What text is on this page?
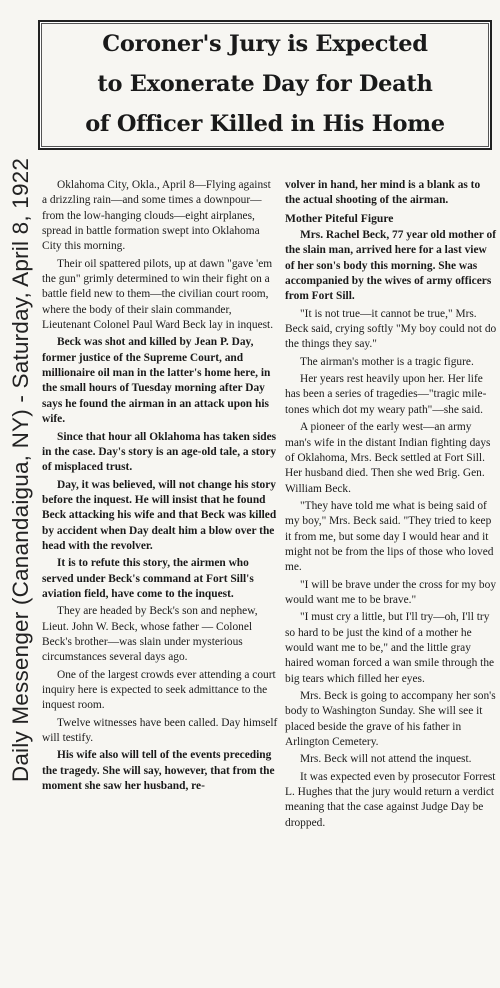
Daily Messenger (Canandaigua, NY) - Saturday, April 8, 1922
Coroner's Jury is Expected
to Exonerate Day for Death
of Officer Killed in His Home

Oklahoma City, Okla., April 8—Flying against a drizzling rain—and some times a downpour—from the low-hanging clouds—eight airplanes, spread in battle formation swept into Oklahoma City this morning.

Their oil spattered pilots, up at dawn "gave 'em the gun" grimly determined to win their fight on a battle field new to them—the civilian court room, where the body of their slain commander, Lieutenant Colonel Paul Ward Beck lay in inquest.

Beck was shot and killed by Jean P. Day, former justice of the Supreme Court, and millionaire oil man in the latter's home here, in the small hours of Tuesday morning after Day says he found the airman in an attack upon his wife.

Since that hour all Oklahoma has taken sides in the case. Day's story is an age-old tale, a story of misplaced trust.

Day, it was believed, will not change his story before the inquest. He will insist that he found Beck attacking his wife and that Beck was killed by accident when Day dealt him a blow over the head with the revolver.

It is to refute this story, the airmen who served under Beck's command at Fort Sill's aviation field, have come to the inquest.

They are headed by Beck's son and nephew, Lieut. John W. Beck, whose father — Colonel Beck's brother—was slain under mysterious circumstances several days ago.

One of the largest crowds ever attending a court inquiry here is expected to seek admittance to the inquest room.

Twelve witnesses have been called. Day himself will testify.

His wife also will tell of the events preceding the tragedy. She will say, however, that from the moment she saw her husband, re-

volver in hand, her mind is a blank as to the actual shooting of the airman.

Mother Piteful Figure

Mrs. Rachel Beck, 77 year old mother of the slain man, arrived here for a last view of her son's body this morning. She was accompanied by the wives of army officers from Fort Sill.

"It is not true—it cannot be true," Mrs. Beck said, crying softly "My boy could not do the things they say."

The airman's mother is a tragic figure.

Her years rest heavily upon her. Her life has been a series of tragedies—"tragic mile-tones which dot my weary path"—she said.

A pioneer of the early west—an army man's wife in the distant Indian fighting days of Oklahoma, Mrs. Beck settled at Fort Sill. Her husband died. Then she wed Brig. Gen. William Beck.

"They have told me what is being said of my boy," Mrs. Beck said. "They tried to keep it from me, but some day I would hear and it might not be from the lips of those who loved me.

"I will be brave under the cross for my boy would want me to be brave."

"I must cry a little, but I'll try—oh, I'll try so hard to be just the kind of a mother he would want me to be," and the little gray haired woman forced a wan smile through the big tears which filled her eyes.

Mrs. Beck is going to accompany her son's body to Washington Sunday. She will see it placed beside the grave of his father in Arlington Cemetery.

Mrs. Beck will not attend the inquest.

It was expected even by prosecutor Forrest L. Hughes that the jury would return a verdict meaning that the case against Judge Day be dropped.
